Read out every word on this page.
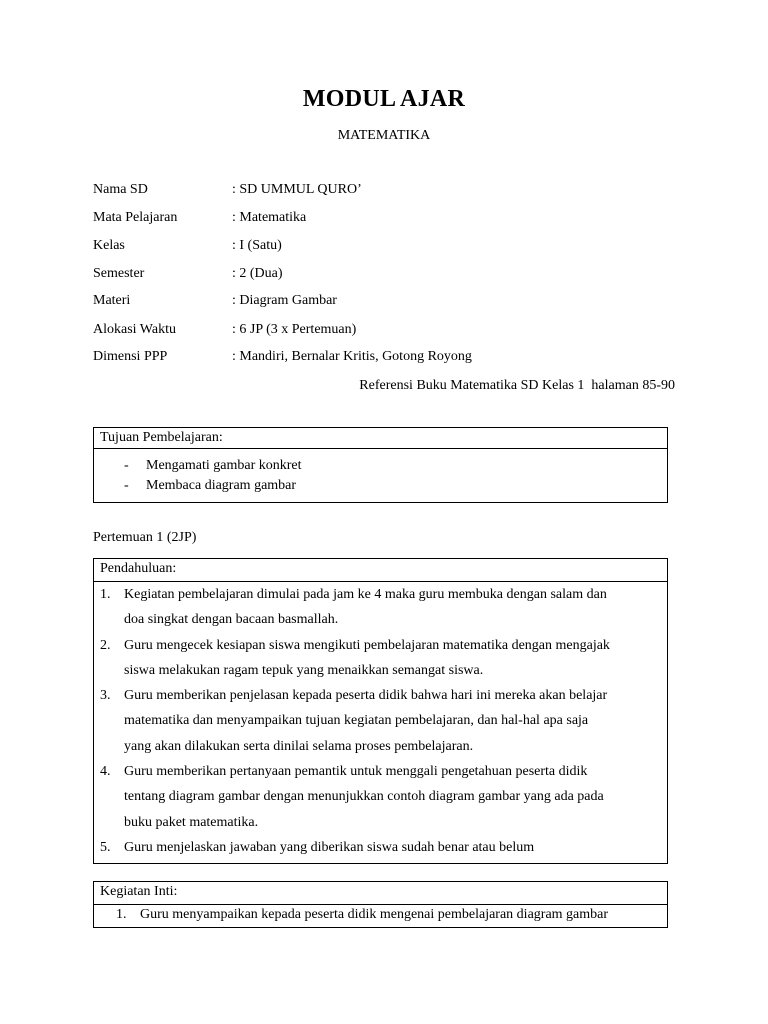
MODUL AJAR
MATEMATIKA
Nama SD	: SD UMMUL QURO’
Mata Pelajaran	: Matematika
Kelas	: I (Satu)
Semester	: 2 (Dua)
Materi	: Diagram Gambar
Alokasi Waktu	: 6 JP (3 x Pertemuan)
Dimensi PPP	: Mandiri, Bernalar Kritis, Gotong Royong
Referensi Buku Matematika SD Kelas 1  halaman 85-90
Tujuan Pembelajaran:
- Mengamati gambar konkret
- Membaca diagram gambar
Pertemuan 1 (2JP)
Pendahuluan:
1. Kegiatan pembelajaran dimulai pada jam ke 4 maka guru membuka dengan salam dan
doa singkat dengan bacaan basmallah.
2. Guru mengecek kesiapan siswa mengikuti pembelajaran matematika dengan mengajak
siswa melakukan ragam tepuk yang menaikkan semangat siswa.
3. Guru memberikan penjelasan kepada peserta didik bahwa hari ini mereka akan belajar
matematika dan menyampaikan tujuan kegiatan pembelajaran, dan hal-hal apa saja
yang akan dilakukan serta dinilai selama proses pembelajaran.
4. Guru memberikan pertanyaan pemantik untuk menggali pengetahuan peserta didik
tentang diagram gambar dengan menunjukkan contoh diagram gambar yang ada pada
buku paket matematika.
5. Guru menjelaskan jawaban yang diberikan siswa sudah benar atau belum
Kegiatan Inti:
1. Guru menyampaikan kepada peserta didik mengenai pembelajaran diagram gambar
